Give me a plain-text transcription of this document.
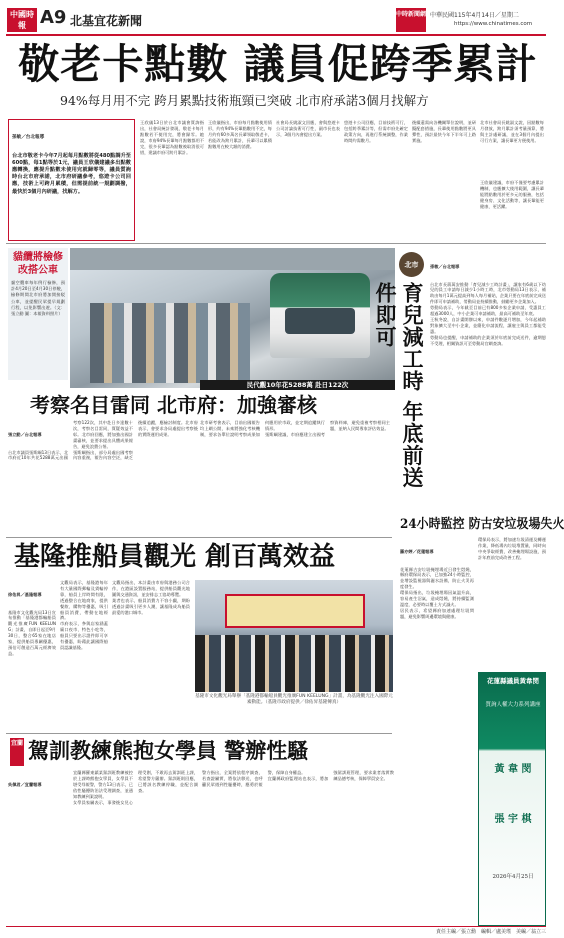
中國時報 A9 北基宜花新聞	中時新聞網 中華民國115年4月14日／星期二
https://www.chinatimes.com
敬老卡點數 議員促跨季累計
94%每月用不完 跨月累點技術瓶頸已突破 北市府承諾3個月找解方

孫敏／台北報導

台北市敬老卡今年7月起每月點數將從480點調升至600點，每1點等於1元，議員王欣儀建議多出點數應轉換，應提升點數未使用完就歸零等，議員質詢時台北市府承諾，北市府研議參考，悠遊卡公司回應，技術上可跨月累積，但需提前統一規劃調撥，最快於3個月內研議，找解方。

王欣儀13日於台北市議會質詢指出，社會局統計發現，敬老卡每月點數若不使用完，將會歸零。她說，市府94%長輩每月點數都用不完，很多長輩認為點數被取消很可惜，建議市府可跨月累計。
王欣儀指出，市府每月點數使用情形，約有94%長輩點數用不完，每月約有60多萬名長輩領取敬老卡，若能改為跨月累計，長輩可以累積點數用在較大額的消費。
社會局長姚淑文回應，會與悠遊卡公司討論技術可行性，副市長也表示，3個月內會提出方案。
悠遊卡公司回應，目前技術可行，包括跨季累計等，但需市府先確定政策方向，再進行系統調整，作業時間約需數月。
後續還需向各機關單位說明，並研擬配套措施，長輩使用點數將更具彈性，預計最快今年下半年可上路實施。
北市社會局長姚淑文說，因點數每月發放，跨月累計須考量預算，將與主計處研議，並在3個月內提出可行方案，讓長輩更方便使用。
王欣儀建議，市府不僅要考慮累計機制，也應擴大使用範圍，讓長輩能將點數用於更多元的服務，包括健身房、文化活動等，讓長輩能更健康、更活躍。
貓纜將檢修 改搭公車
貓空纜車每年例行檢修，預計4月20日至4月30日停駛，檢修期間北市府將加開接駁公車，並提醒民眾提早規劃行程，以免影響出遊。（文：張立勳 圖：本報資料照片）
民代觀10年花5288萬 赴日122次
北市
育兒減工時 年底前送件即可

孫敏／台北報導

台北市長蔣萬安推動「育兒減少工時計畫」，讓家有6歲以下幼兒的員工申請每日減少1小時工時，北市勞動局13日表示，補助由每月1萬元提高到每人每月補貼，企業只要在年底前完成送件即可申請補助，勞動局並持續推動，鼓勵更多企業加入。
勞動局表示，今年截至目前已有800多家企業申請，受惠員工超過3000人，中小企業可申請補助，最高可補助至年底。
王秋冬說，自計畫開辦以來，申請件數逐月增加，今年起補助對象擴大至中小企業，並簡化申請流程，讓雇主與員工都能受惠。
勞動局也提醒，申請補助的企業須於年底前完成送件，逾期恕不受理，相關資訊可至勞動局官網查詢。

考察名目雷同 北市府：加強審核

張立勳／台北報導

台北市議員張斯綱13日表示，北市府近10年共花5288萬元出國考察122次，其中赴日多達數十次，考察名目雷同，質疑效益不彰。北市府回應，將加強出國計畫審核，並要求提出具體成果報告，避免浪費公帑。
張斯綱指出，部分局處出國考察內容重複，報告內容空泛，缺乏後續追蹤，應檢討制度。北市府表示，會要求各局處提出考察後的實際運用成果。

北市研考會表示，目前出國報告均上網公開，未來將強化考核機制，要求各單位說明考察成果如何應用於市政，並定期追蹤執行情形。
張斯綱建議，市府應建立出國考察資料庫，避免重複考察相同主題，並納入民間專家評估效益。
24小時監控 防古安垃圾場失火

羅亦婷／花蓮報導

花蓮縣古安垃圾掩埋場近日發生悶燒，縣府環保局表示，已加強24小時監控，並增設監視器與灑水設備，防止火災再度發生。
環保局指出，垃圾掩埋場因氣溫升高，容易產生沼氣，造成悶燒，將持續監測溫度，必要時以覆土方式滅火。
居民表示，希望縣府加速處理垃圾問題，避免影響周邊環境與健康。

環保局表示，將加速垃圾清運及轉運作業，降低場內垃圾堆置量，同時向中央爭取經費，改善掩埋場設施，預計年底前完成改善工程。
花蓮縣議員黃韋閔
質詢人權大力系列講座
黃 韋 閔
張 宇 棋
2026年4月25日
基隆推船員觀光 創百萬效益

徐佑昇／基隆報導

基隆市文化觀光局13日宣布推動「基隆港都輸船員觀光推廣FUN KEELUNG」計畫，自即日起至9月30日，整合65家在地店家，提供船員專屬優惠，預估可創造百萬元經濟效益。
文觀局表示，基隆港每年有大量國際郵輪及貨輪停靠，船員上岸時間有限，透過整合在地商家，提供餐飲、購物等優惠，吸引船員消費，帶動在地經濟。
市府表示，參與店家涵蓋廟口夜市、特色小吃等，船員只要出示證件即可享有優惠，盼藉此讓國際船員認識基隆。

文觀局指出，本計畫由市府與港務公司合作，在港區設置服務站，提供船員觀光地圖與交通資訊，並安排志工協助導覽。
業者也表示，船員消費力不容小覷，期盼透過計畫吸引更多人潮，讓基隆成為船員最愛的港口城市。
基隆市文化觀光局舉辦「基隆港都輸船員觀光推廣FUN KEELUNG」計畫，為基隆觀光注入國際元素動能。（基隆市政府提供／徐佑昇基隆傳真）
宜蘭 駕訓教練熊抱女學員 警辦性騷

吳佩君／宜蘭報導

宜蘭縣羅東鎮某駕訓班教練被控於上課時熊抱女學員，女學員不堪受辱報警，警方13日表示，已依性騷擾防治法受理調查，並通知教練到案說明。
女學員家屬表示，事發後女兒心理受創，不敢再去駕訓班上課，希望警方嚴辦。駕訓班則回應，已將該名教練停職，並配合調查。

警方指出，全案將依程序調查，若查證屬實，將依法移送，也呼籲民眾遇到性騷擾時，應勇於報警，保障自身權益。
宜蘭縣政府監理站也表示，將加強駕訓班管理，要求業者落實教練品德考核，保障學員安全。
責任主編／張立勳　編輯／盧美瑤　美編／翁立三
